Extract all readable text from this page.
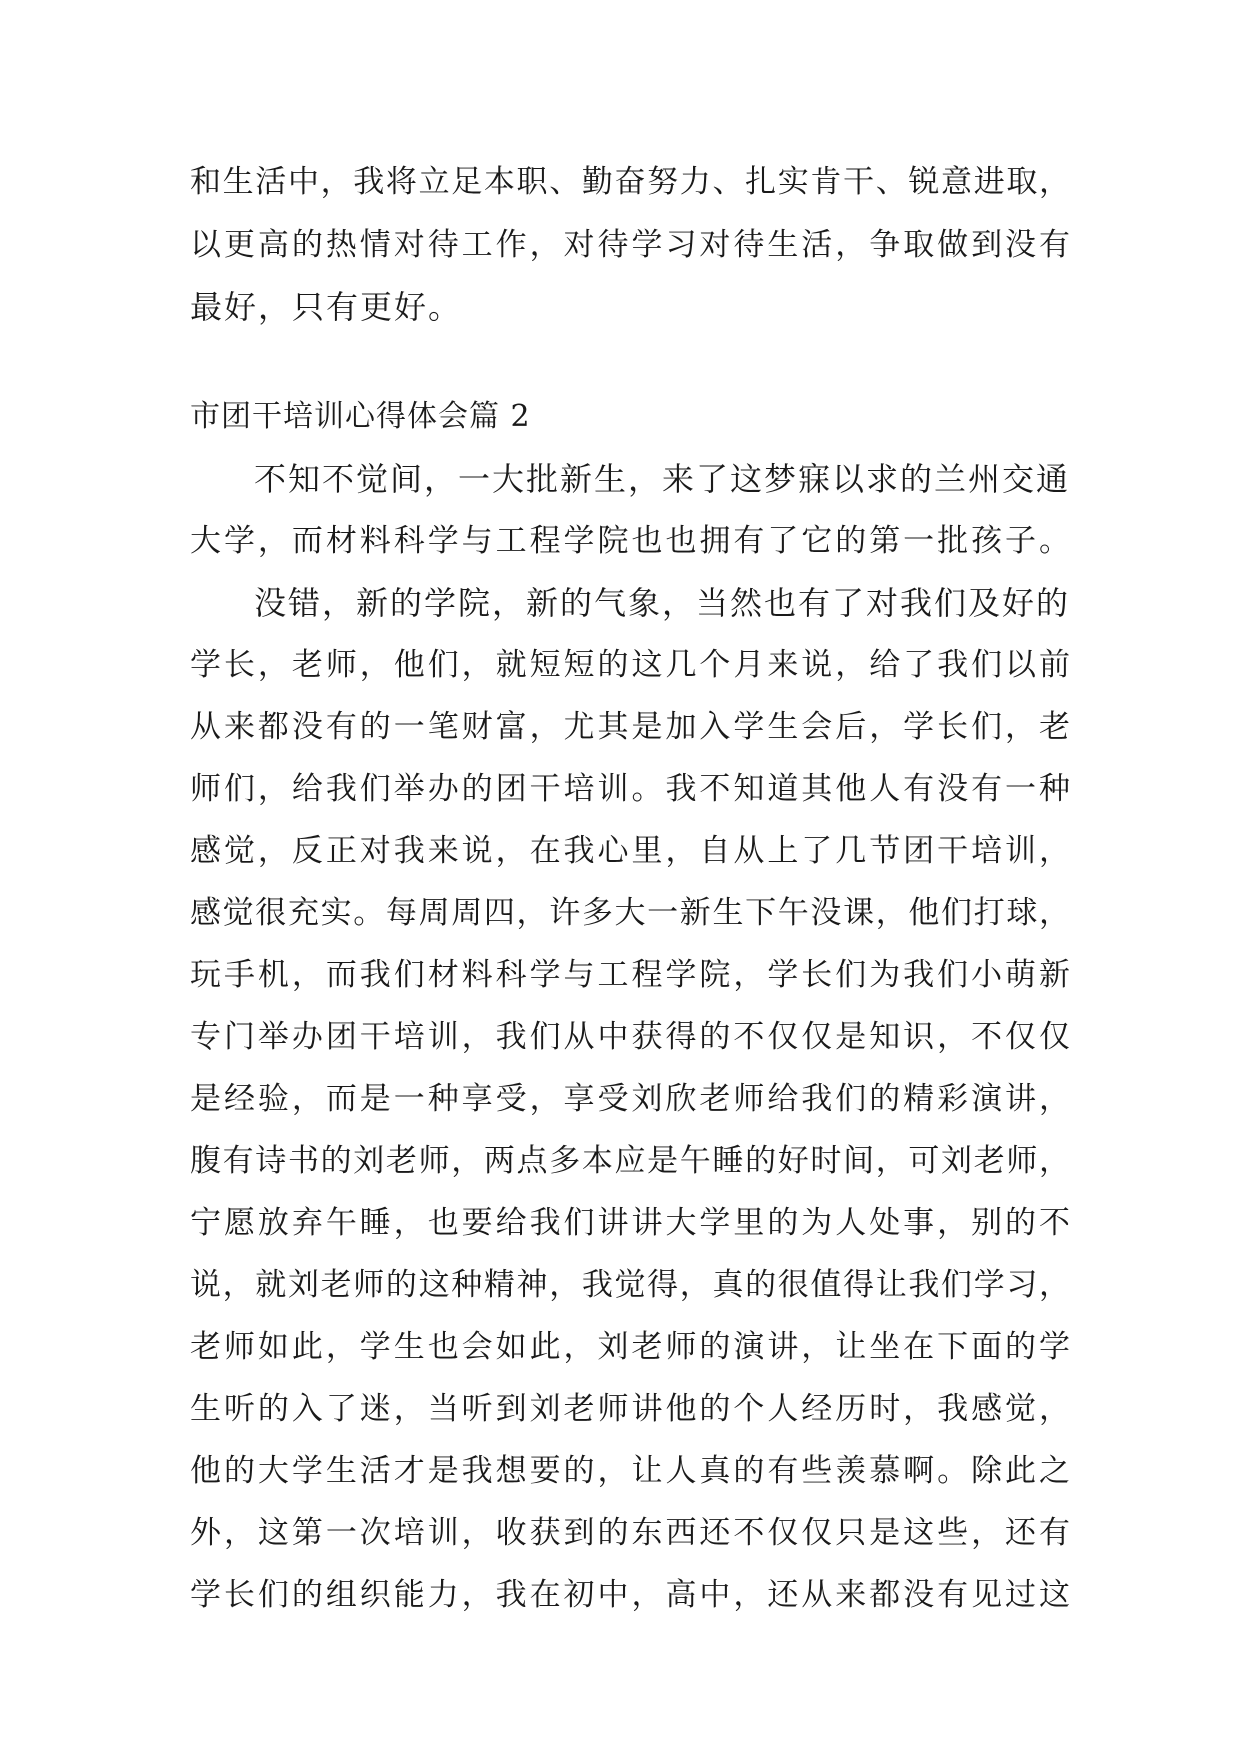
和生活中，我将立足本职、勤奋努力、扎实肯干、锐意进取，
以更高的热情对待工作，对待学习对待生活，争取做到没有
最好，只有更好。
市团干培训心得体会篇 2
不知不觉间，一大批新生，来了这梦寐以求的兰州交通
大学，而材料科学与工程学院也也拥有了它的第一批孩子。
没错，新的学院，新的气象，当然也有了对我们及好的
学长，老师，他们，就短短的这几个月来说，给了我们以前
从来都没有的一笔财富，尤其是加入学生会后，学长们，老
师们，给我们举办的团干培训。我不知道其他人有没有一种
感觉，反正对我来说，在我心里，自从上了几节团干培训，
感觉很充实。每周周四，许多大一新生下午没课，他们打球，
玩手机，而我们材料科学与工程学院，学长们为我们小萌新
专门举办团干培训，我们从中获得的不仅仅是知识，不仅仅
是经验，而是一种享受，享受刘欣老师给我们的精彩演讲，
腹有诗书的刘老师，两点多本应是午睡的好时间，可刘老师，
宁愿放弃午睡，也要给我们讲讲大学里的为人处事，别的不
说，就刘老师的这种精神，我觉得，真的很值得让我们学习，
老师如此，学生也会如此，刘老师的演讲，让坐在下面的学
生听的入了迷，当听到刘老师讲他的个人经历时，我感觉，
他的大学生活才是我想要的，让人真的有些羡慕啊。除此之
外，这第一次培训，收获到的东西还不仅仅只是这些，还有
学长们的组织能力，我在初中，高中，还从来都没有见过这
